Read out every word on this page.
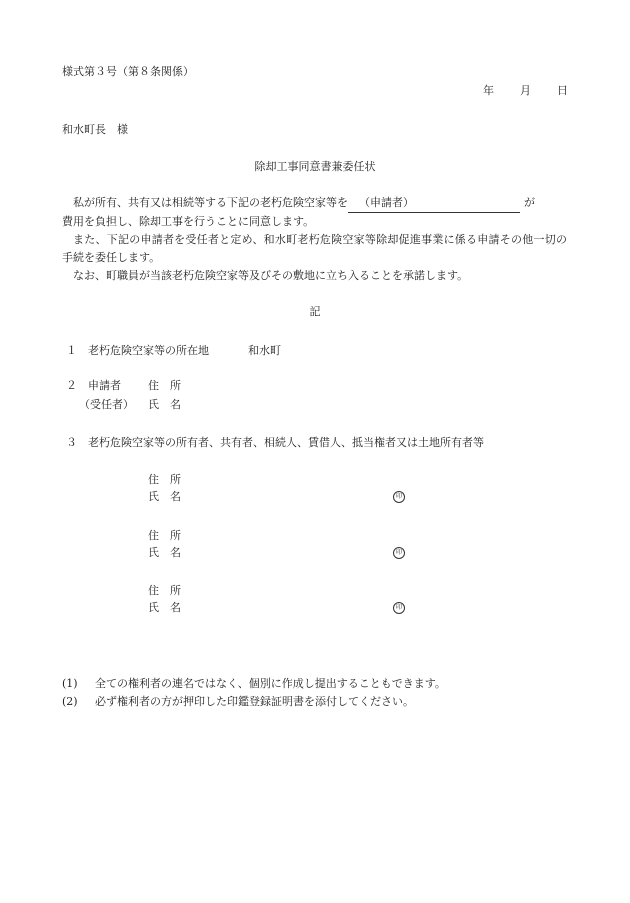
様式第３号（第８条関係）
年 月 日
和水町長　様
除却工事同意書兼委任状

私が所有、共有又は相続等する下記の老朽危険空家等を （申請者）	が

費用を負担し、除却工事を行うことに同意します。

また、下記の申請者を受任者と定め、和水町老朽危険空家等除却促進事業に係る申請その他一切の手続を委任します。

なお、町職員が当該老朽危険空家等及びその敷地に立ち入ることを承諾します。

記
１ 老朽危険空家等の所在地	和水町
２ 申請者 住　所
（受任者） 氏　名
３ 老朽危険空家等の所有者、共有者、相続人、賃借人、抵当権者又は土地所有者等
住　所
氏　名	印
住　所
氏　名	印
住　所
氏　名	印
(1) 全ての権利者の連名ではなく、個別に作成し提出することもできます。
(2) 必ず権利者の方が押印した印鑑登録証明書を添付してください。
